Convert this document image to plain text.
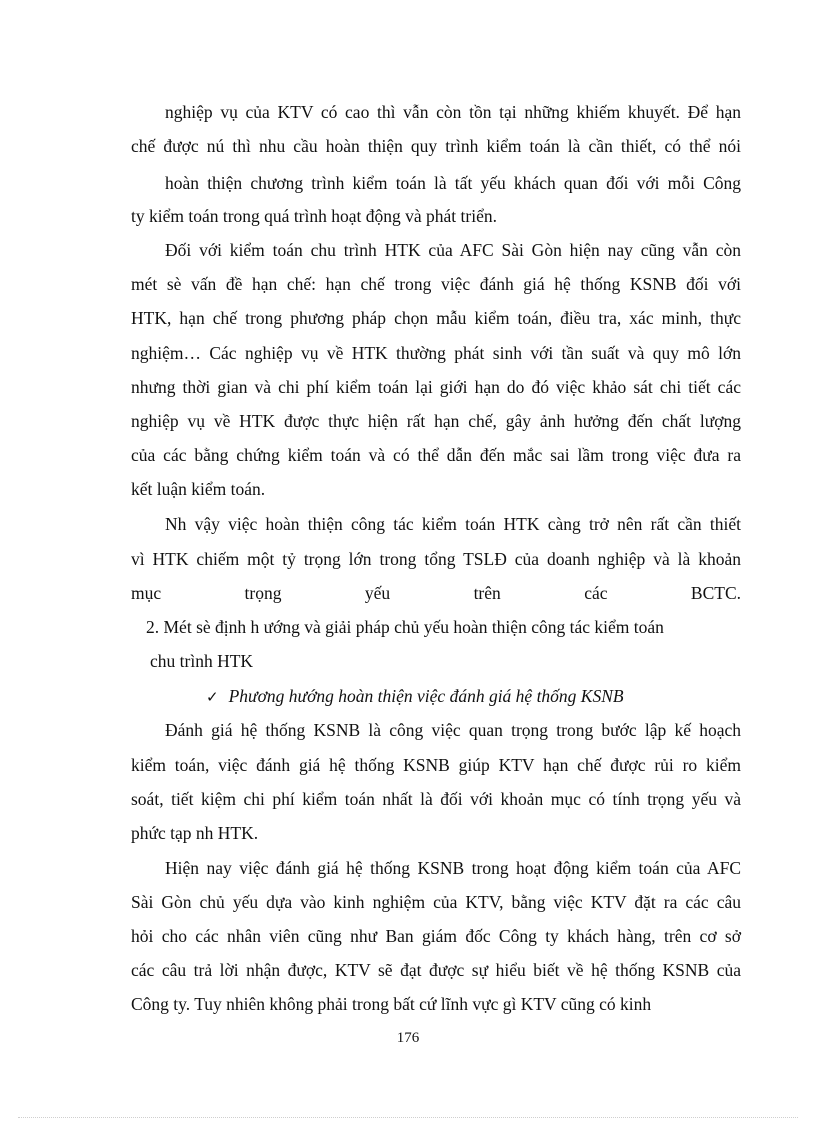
nghiệp vụ của KTV có cao thì vẫn còn tồn tại những khiếm khuyết. Để hạn

chế được nú thì nhu cầu hoàn thiện quy trình kiểm toán là cần thiết, có thể nói

hoàn thiện chương trình kiểm toán là tất yếu khách quan đối với mỗi Công

ty kiểm toán trong quá trình hoạt động và phát triển.

Đối với kiểm toán chu trình HTK của AFC Sài Gòn hiện nay cũng vẫn còn

mét sè vấn đề hạn chế: hạn chế trong việc đánh giá hệ thống KSNB đối với

HTK, hạn chế trong phương pháp chọn mẫu kiểm toán, điều tra, xác minh, thực

nghiệm… Các nghiệp vụ về HTK thường phát sinh với tần suất và quy mô lớn

nhưng thời gian và chi phí kiểm toán lại giới hạn do đó việc khảo sát chi tiết các

nghiệp vụ về HTK được thực hiện rất hạn chế, gây ảnh hưởng đến chất lượng

của các bằng chứng kiểm toán và có thể dẫn đến mắc sai lầm trong việc đưa ra

kết luận kiểm toán.

Nh vậy việc hoàn thiện công tác kiểm toán HTK càng trở nên rất cần thiết

vì HTK chiếm một tỷ trọng lớn trong tổng TSLĐ của doanh nghiệp và là khoản

mục trọng yếu trên các BCTC.

2. Mét sè định h ướng và giải pháp chủ yếu hoàn thiện công tác kiểm toán

chu trình HTK

✓ Phương hướng hoàn thiện việc đánh giá hệ thống KSNB

Đánh giá hệ thống KSNB là công việc quan trọng trong bước lập kế hoạch

kiểm toán, việc đánh giá hệ thống KSNB giúp KTV hạn chế được rủi ro kiểm

soát, tiết kiệm chi phí kiểm toán nhất là đối với khoản mục có tính trọng yếu và

phức tạp nh HTK.

Hiện nay việc đánh giá hệ thống KSNB trong hoạt động kiểm toán của AFC

Sài Gòn chủ yếu dựa vào kinh nghiệm của KTV, bằng việc KTV đặt ra các câu

hỏi cho các nhân viên cũng như Ban giám đốc Công ty khách hàng, trên cơ sở

các câu trả lời nhận được, KTV sẽ đạt được sự hiểu biết về hệ thống KSNB của

Công ty. Tuy nhiên không phải trong bất cứ lĩnh vực gì KTV cũng có kinh

176
